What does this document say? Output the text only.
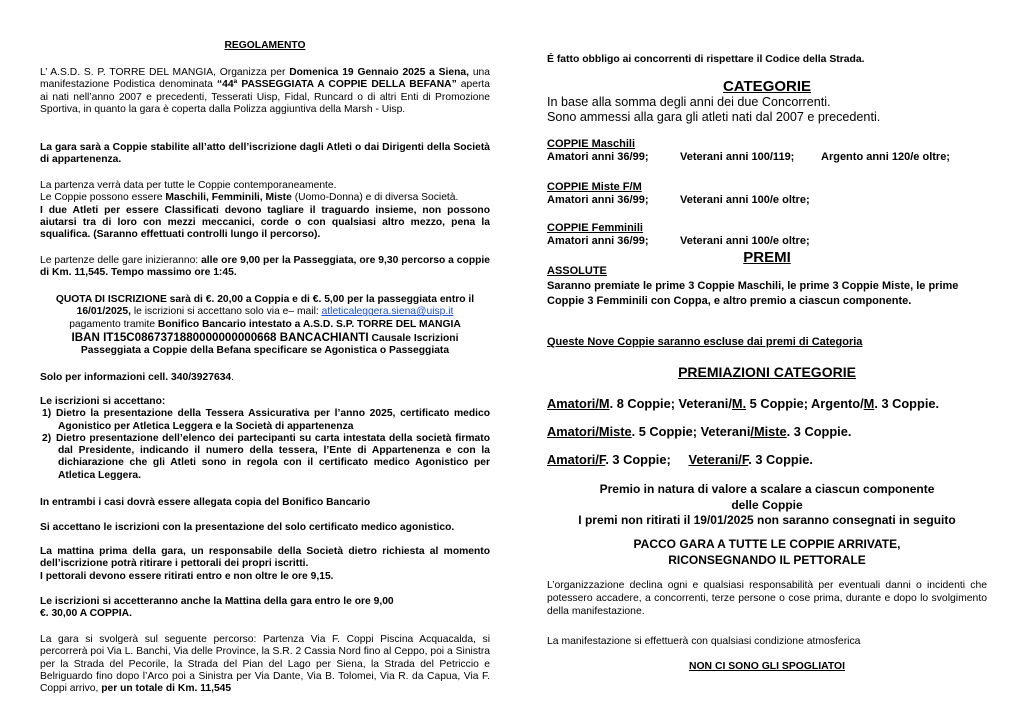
REGOLAMENTO

L’ A.S.D. S. P. TORRE DEL MANGIA, Organizza per Domenica 19 Gennaio 2025 a Siena, una manifestazione Podistica denominata “44ª PASSEGGIATA A COPPIE DELLA BEFANA” aperta ai nati nell’anno 2007 e precedenti, Tesserati Uisp, Fidal, Runcard o di altri Enti di Promozione Sportiva, in quanto la gara è coperta dalla Polizza aggiuntiva della Marsh - Uisp.

La gara sarà a Coppie stabilite all’atto dell’iscrizione dagli Atleti o dai Dirigenti della Società di appartenenza.

La partenza verrà data per tutte le Coppie contemporaneamente.

Le Coppie possono essere Maschili, Femminili, Miste (Uomo-Donna) e di diversa Società.

I due Atleti per essere Classificati devono tagliare il traguardo insieme, non possono aiutarsi tra di loro con mezzi meccanici, corde o con qualsiasi altro mezzo, pena la squalifica. (Saranno effettuati controlli lungo il percorso).

Le partenze delle gare inizieranno: alle ore 9,00 per la Passeggiata, ore 9,30 percorso a coppie di Km. 11,545. Tempo massimo ore 1:45.

QUOTA DI ISCRIZIONE sarà di €. 20,00 a Coppia e di €. 5,00 per la passeggiata entro il

16/01/2025, le iscrizioni si accettano solo via e– mail: atleticaleggera.siena@uisp.it

pagamento tramite Bonifico Bancario intestato a A.S.D. S.P. TORRE DEL MANGIA

IBAN IT15C0867371880000000000668 BANCACHIANTI Causale Iscrizioni

Passeggiata a Coppie della Befana specificare se Agonistica o Passeggiata

Solo per informazioni cell. 340/3927634.

Le iscrizioni si accettano:

1) Dietro la presentazione della Tessera Assicurativa per l’anno 2025, certificato medico Agonistico per Atletica Leggera e la Società di appartenenza
2) Dietro presentazione dell’elenco dei partecipanti su carta intestata della società firmato dal Presidente, indicando il numero della tessera, l’Ente di Appartenenza e con la dichiarazione che gli Atleti sono in regola con il certificato medico Agonistico per Atletica Leggera.

In entrambi i casi dovrà essere allegata copia del Bonifico Bancario

Si accettano le iscrizioni con la presentazione del solo certificato medico agonistico.

La mattina prima della gara, un responsabile della Società dietro richiesta al momento dell’iscrizione potrà ritirare i pettorali dei propri iscritti.

I pettorali devono essere ritirati entro e non oltre le ore 9,15.

Le iscrizioni si accetteranno anche la Mattina della gara entro le ore 9,00

€. 30,00 A COPPIA.

La gara si svolgerà sul seguente percorso: Partenza Via F. Coppi Piscina Acquacalda, si percorrerà poi Via L. Banchi, Via delle Province, la S.R. 2 Cassia Nord fino al Ceppo, poi a Sinistra per la Strada del Pecorile, la Strada del Pian del Lago per Siena, la Strada del Petriccio e Belriguardo fino dopo l’Arco poi a Sinistra per Via Dante, Via B. Tolomei, Via R. da Capua, Via F. Coppi arrivo, per un totale di Km. 11,545

É fatto obbligo ai concorrenti di rispettare il Codice della Strada.

CATEGORIE

In base alla somma degli anni dei due Concorrenti.

Sono ammessi alla gara gli atleti nati dal 2007 e precedenti.

COPPIE Maschili

Amatori anni 36/99;	Veterani anni 100/119; Argento anni 120/e oltre;

COPPIE Miste F/M

Amatori anni 36/99;	Veterani anni 100/e oltre;

COPPIE Femminili

Amatori anni 36/99;	Veterani anni 100/e oltre;

PREMI

ASSOLUTE

Saranno premiate le prime 3 Coppie Maschili, le prime 3 Coppie Miste, le prime Coppie 3 Femminili con Coppa, e altro premio a ciascun componente.

Queste Nove Coppie saranno escluse dai premi di Categoria

PREMIAZIONI CATEGORIE

Amatori/M. 8 Coppie; Veterani/M. 5 Coppie; Argento/M. 3 Coppie.

Amatori/Miste. 5 Coppie; Veterani/Miste. 3 Coppie.

Amatori/F. 3 Coppie;     Veterani/F. 3 Coppie.

Premio in natura di valore a scalare a ciascun componente

delle Coppie

I premi non ritirati il 19/01/2025 non saranno consegnati in seguito

PACCO GARA A TUTTE LE COPPIE ARRIVATE,

RICONSEGNANDO IL PETTORALE

L’organizzazione declina ogni e qualsiasi responsabilità per eventuali danni o incidenti che potessero accadere, a concorrenti, terze persone o cose prima, durante e dopo lo svolgimento della manifestazione.

La manifestazione si effettuerà con qualsiasi condizione atmosferica

NON CI SONO GLI SPOGLIATOI
